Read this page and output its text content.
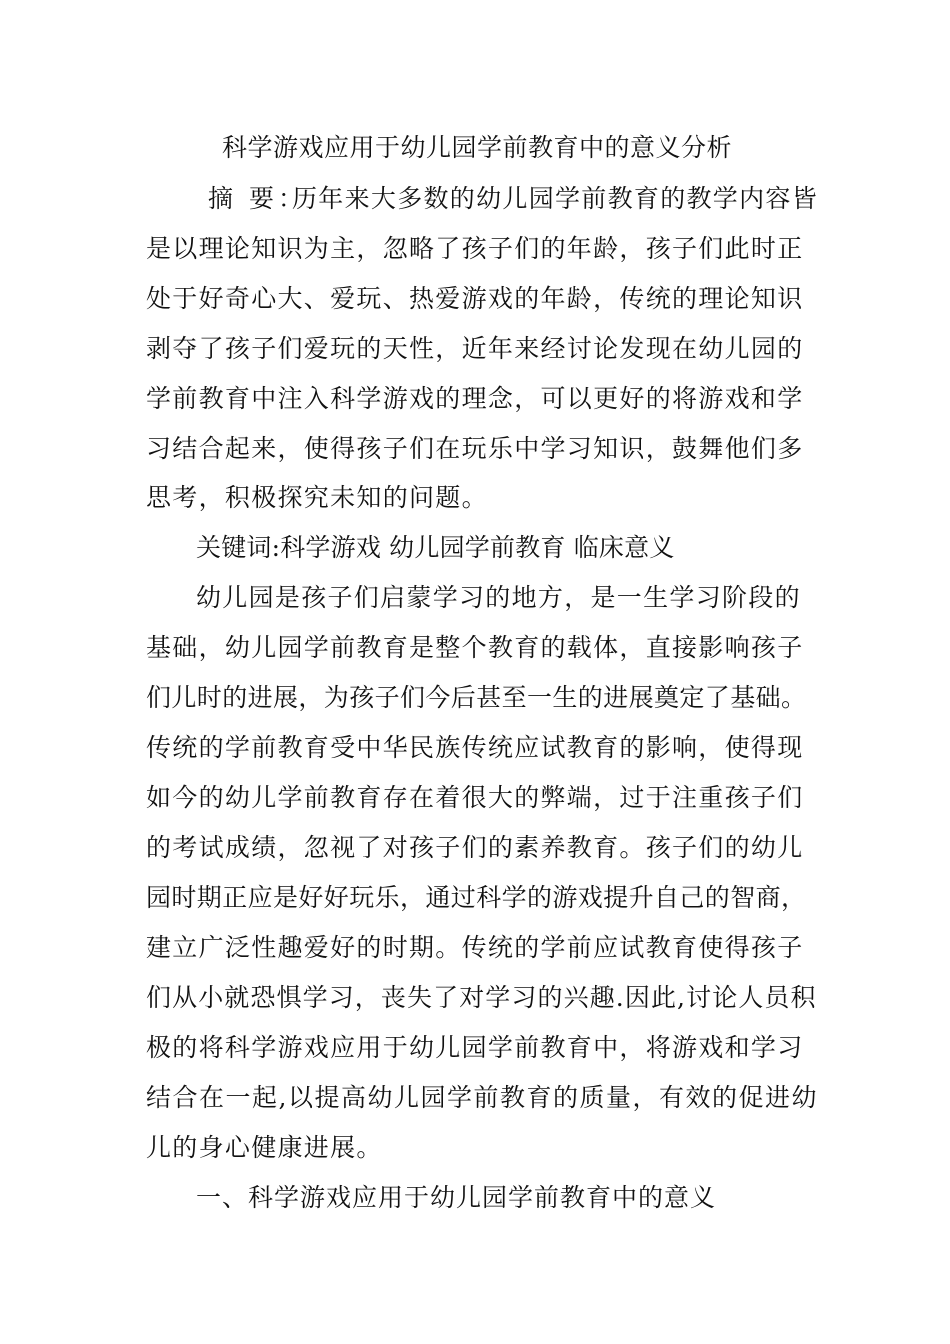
科学游戏应用于幼儿园学前教育中的意义分析
摘 要：
历年来大多数的幼儿园学前教育的教学内容皆
是以理论知识为主，忽略了孩子们的年龄，孩子们此时正
处于好奇心大、爱玩、热爱游戏的年龄，传统的理论知识
剥夺了孩子们爱玩的天性，近年来经讨论发现在幼儿园的
学前教育中注入科学游戏的理念，可以更好的将游戏和学
习结合起来，使得孩子们在玩乐中学习知识，鼓舞他们多
思考，积极探究未知的问题。
关键词:科学游戏 幼儿园学前教育 临床意义
幼儿园是孩子们启蒙学习的地方，是一生学习阶段的
基础，幼儿园学前教育是整个教育的载体，直接影响孩子
们儿时的进展，为孩子们今后甚至一生的进展奠定了基础。
传统的学前教育受中华民族传统应试教育的影响，使得现
如今的幼儿学前教育存在着很大的弊端，过于注重孩子们
的考试成绩，忽视了对孩子们的素养教育。孩子们的幼儿
园时期正应是好好玩乐，通过科学的游戏提升自己的智商，
建立广泛性趣爱好的时期。传统的学前应试教育使得孩子
们从小就恐惧学习，丧失了对学习的兴趣.因此,讨论人员积
极的将科学游戏应用于幼儿园学前教育中，将游戏和学习
结合在一起,以提高幼儿园学前教育的质量，有效的促进幼
儿的身心健康进展。
一、科学游戏应用于幼儿园学前教育中的意义
